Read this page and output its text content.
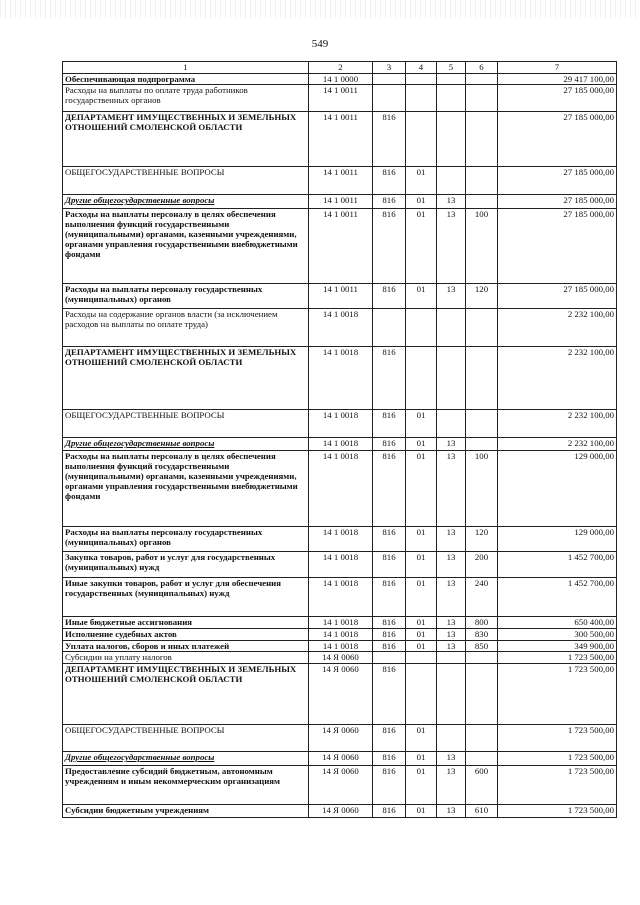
549
1	2	3	4	5	6	7
Обеспечивающая подпрограмма	14 1 0000					29 417 100,00
Расходы на выплаты по оплате труда работников государственных органов	14 1 0011					27 185 000,00
ДЕПАРТАМЕНТ ИМУЩЕСТВЕННЫХ И ЗЕМЕЛЬНЫХ ОТНОШЕНИЙ СМОЛЕНСКОЙ ОБЛАСТИ	14 1 0011	816				27 185 000,00
ОБЩЕГОСУДАРСТВЕННЫЕ ВОПРОСЫ	14 1 0011	816	01			27 185 000,00
Другие общегосударственные вопросы	14 1 0011	816	01	13		27 185 000,00
Расходы на выплаты персоналу в целях обеспечения выполнения функций государственными (муниципальными) органами, казенными учреждениями, органами управления государственными внебюджетными фондами	14 1 0011	816	01	13	100	27 185 000,00
Расходы на выплаты персоналу государственных (муниципальных) органов	14 1 0011	816	01	13	120	27 185 000,00
Расходы на содержание органов власти (за исключением расходов на выплаты по оплате труда)	14 1 0018					2 232 100,00
ДЕПАРТАМЕНТ ИМУЩЕСТВЕННЫХ И ЗЕМЕЛЬНЫХ ОТНОШЕНИЙ СМОЛЕНСКОЙ ОБЛАСТИ	14 1 0018	816				2 232 100,00
ОБЩЕГОСУДАРСТВЕННЫЕ ВОПРОСЫ	14 1 0018	816	01			2 232 100,00
Другие общегосударственные вопросы	14 1 0018	816	01	13		2 232 100,00
Расходы на выплаты персоналу в целях обеспечения выполнения функций государственными (муниципальными) органами, казенными учреждениями, органами управления государственными внебюджетными фондами	14 1 0018	816	01	13	100	129 000,00
Расходы на выплаты персоналу государственных (муниципальных) органов	14 1 0018	816	01	13	120	129 000,00
Закупка товаров, работ и услуг для государственных (муниципальных) нужд	14 1 0018	816	01	13	200	1 452 700,00
Иные закупки товаров, работ и услуг для обеспечения государственных (муниципальных) нужд	14 1 0018	816	01	13	240	1 452 700,00
Иные бюджетные ассигнования	14 1 0018	816	01	13	800	650 400,00
Исполнение судебных актов	14 1 0018	816	01	13	830	300 500,00
Уплата налогов, сборов и иных платежей	14 1 0018	816	01	13	850	349 900,00
Субсидии на уплату налогов	14 Я 0060					1 723 500,00
ДЕПАРТАМЕНТ ИМУЩЕСТВЕННЫХ И ЗЕМЕЛЬНЫХ ОТНОШЕНИЙ СМОЛЕНСКОЙ ОБЛАСТИ	14 Я 0060	816				1 723 500,00
ОБЩЕГОСУДАРСТВЕННЫЕ ВОПРОСЫ	14 Я 0060	816	01			1 723 500,00
Другие общегосударственные вопросы	14 Я 0060	816	01	13		1 723 500,00
Предоставление субсидий бюджетным, автономным учреждениям и иным некоммерческим организациям	14 Я 0060	816	01	13	600	1 723 500,00
Субсидии бюджетным учреждениям	14 Я 0060	816	01	13	610	1 723 500,00
